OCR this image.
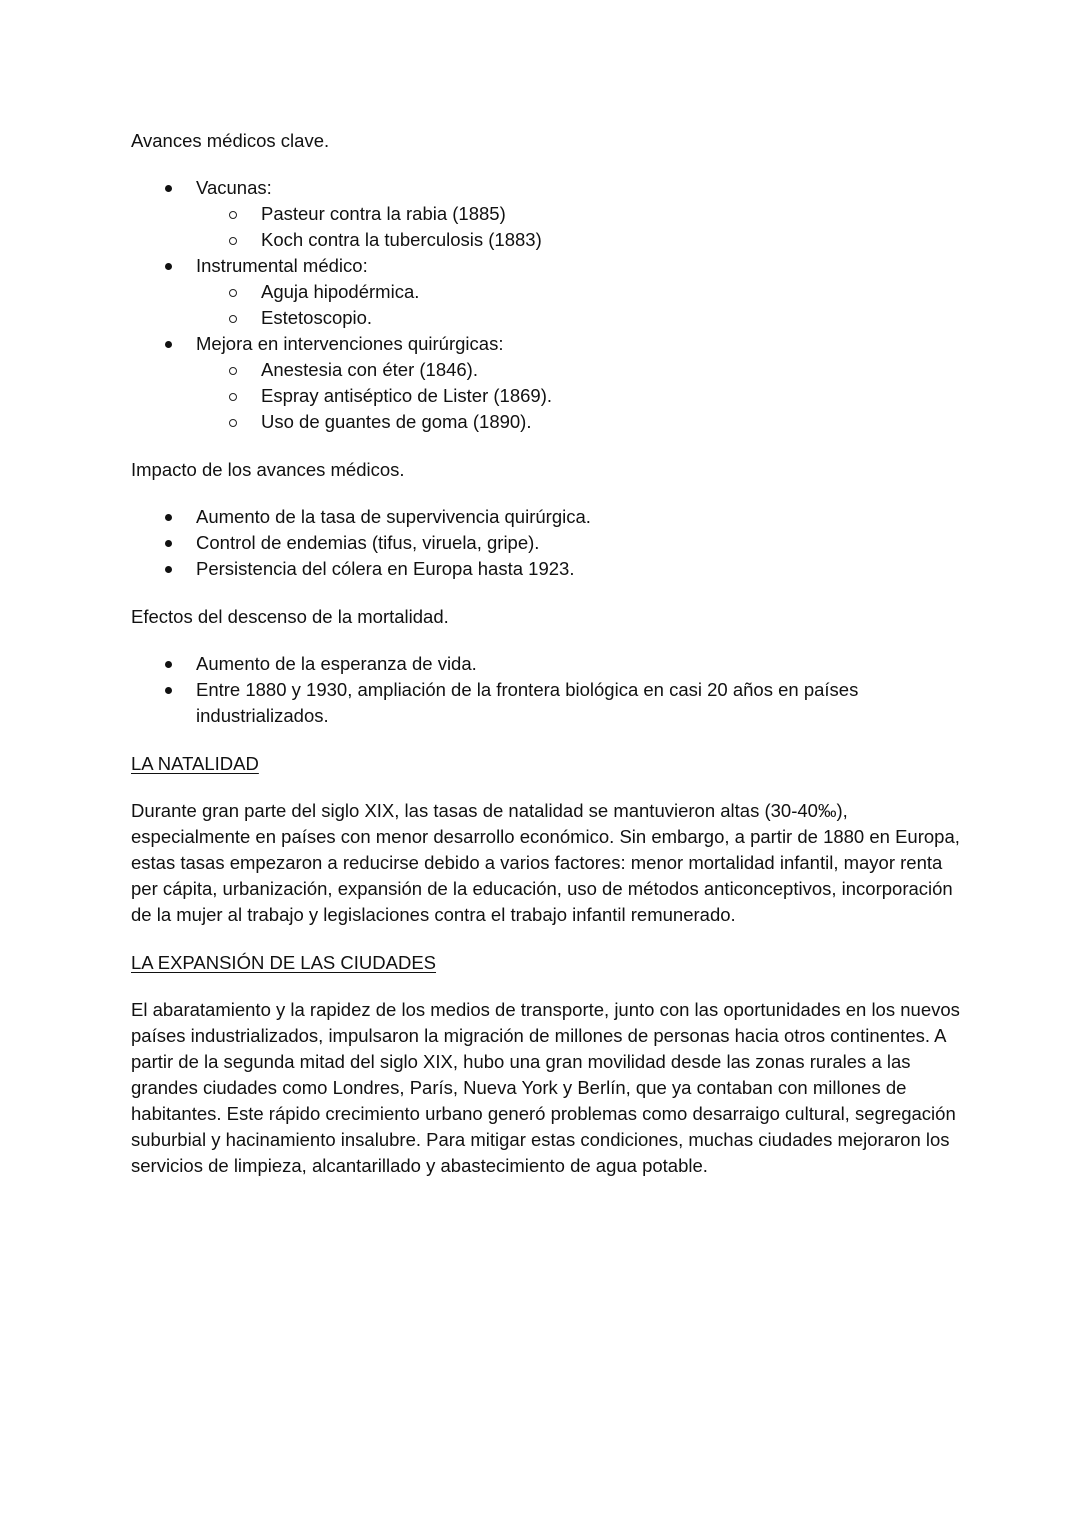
Avances médicos clave.

Vacunas:
Pasteur contra la rabia (1885)
Koch contra la tuberculosis (1883)
Instrumental médico:
Aguja hipodérmica.
Estetoscopio.
Mejora en intervenciones quirúrgicas:
Anestesia con éter (1846).
Espray antiséptico de Lister (1869).
Uso de guantes de goma (1890).

Impacto de los avances médicos.

Aumento de la tasa de supervivencia quirúrgica.
Control de endemias (tifus, viruela, gripe).
Persistencia del cólera en Europa hasta 1923.

Efectos del descenso de la mortalidad.

Aumento de la esperanza de vida.
Entre 1880 y 1930, ampliación de la frontera biológica en casi 20 años en países industrializados.

LA NATALIDAD

Durante gran parte del siglo XIX, las tasas de natalidad se mantuvieron altas (30-40‰), especialmente en países con menor desarrollo económico. Sin embargo, a partir de 1880 en Europa, estas tasas empezaron a reducirse debido a varios factores: menor mortalidad infantil, mayor renta per cápita, urbanización, expansión de la educación, uso de métodos anticonceptivos, incorporación de la mujer al trabajo y legislaciones contra el trabajo infantil remunerado.

LA EXPANSIÓN DE LAS CIUDADES

El abaratamiento y la rapidez de los medios de transporte, junto con las oportunidades en los nuevos países industrializados, impulsaron la migración de millones de personas hacia otros continentes. A partir de la segunda mitad del siglo XIX, hubo una gran movilidad desde las zonas rurales a las grandes ciudades como Londres, París, Nueva York y Berlín, que ya contaban con millones de habitantes. Este rápido crecimiento urbano generó problemas como desarraigo cultural, segregación suburbial y hacinamiento insalubre. Para mitigar estas condiciones, muchas ciudades mejoraron los servicios de limpieza, alcantarillado y abastecimiento de agua potable.
